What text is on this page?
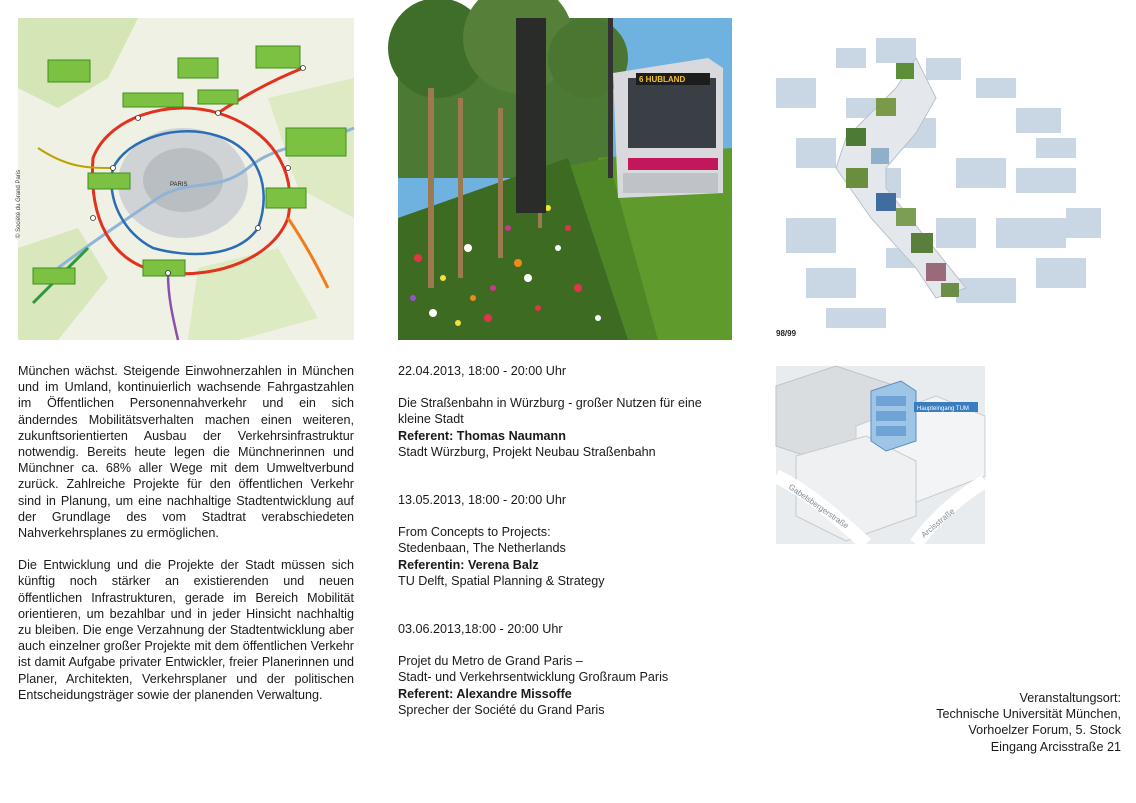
PARIS
© Société du Grand Paris
6 HUBLAND
98/99
Haupteingang TUM
Gabelsbergerstraße	Arcisstraße

München wächst. Steigende Einwohnerzahlen in München und im Umland, kontinuierlich wachsende Fahrgastzahlen im Öffentlichen Personennahverkehr und ein sich änderndes Mobilitätsverhalten machen einen weiteren, zukunftsorientierten Ausbau der Verkehrsinfrastruktur notwendig. Bereits heute legen die Münchnerinnen und Münchner ca. 68% aller Wege mit dem Umweltverbund zurück. Zahlreiche Projekte für den öffentlichen Verkehr sind in Planung, um eine nachhaltige Stadtentwicklung auf der Grundlage des vom Stadtrat verabschiedeten Nahverkehrsplanes zu ermöglichen.

Die Entwicklung und die Projekte der Stadt müssen sich künftig noch stärker an existierenden und neuen öffentlichen Infrastrukturen, gerade im Bereich Mobilität orientieren, um bezahlbar und in jeder Hinsicht nachhaltig zu bleiben. Die enge Verzahnung der Stadtentwicklung aber auch einzelner großer Projekte mit dem öffentlichen Verkehr ist damit Aufgabe privater Entwickler, freier Planerinnen und Planer, Architekten, Verkehrsplaner und der politischen Entscheidungsträger sowie der planenden Verwaltung.

22.04.2013, 18:00 - 20:00 Uhr

Die Straßenbahn in Würzburg - großer Nutzen für eine

kleine Stadt

Referent: Thomas Naumann

Stadt Würzburg, Projekt Neubau Straßenbahn

13.05.2013, 18:00 - 20:00 Uhr

From Concepts to Projects:

Stedenbaan, The Netherlands

Referentin: Verena Balz

TU Delft, Spatial Planning & Strategy

03.06.2013,18:00 - 20:00 Uhr

Projet du Metro de Grand Paris –

Stadt- und Verkehrsentwicklung Großraum Paris

Referent: Alexandre Missoffe

Sprecher der Société du Grand Paris

Veranstaltungsort:

Technische Universität München,

Vorhoelzer Forum, 5. Stock

Eingang Arcisstraße 21
